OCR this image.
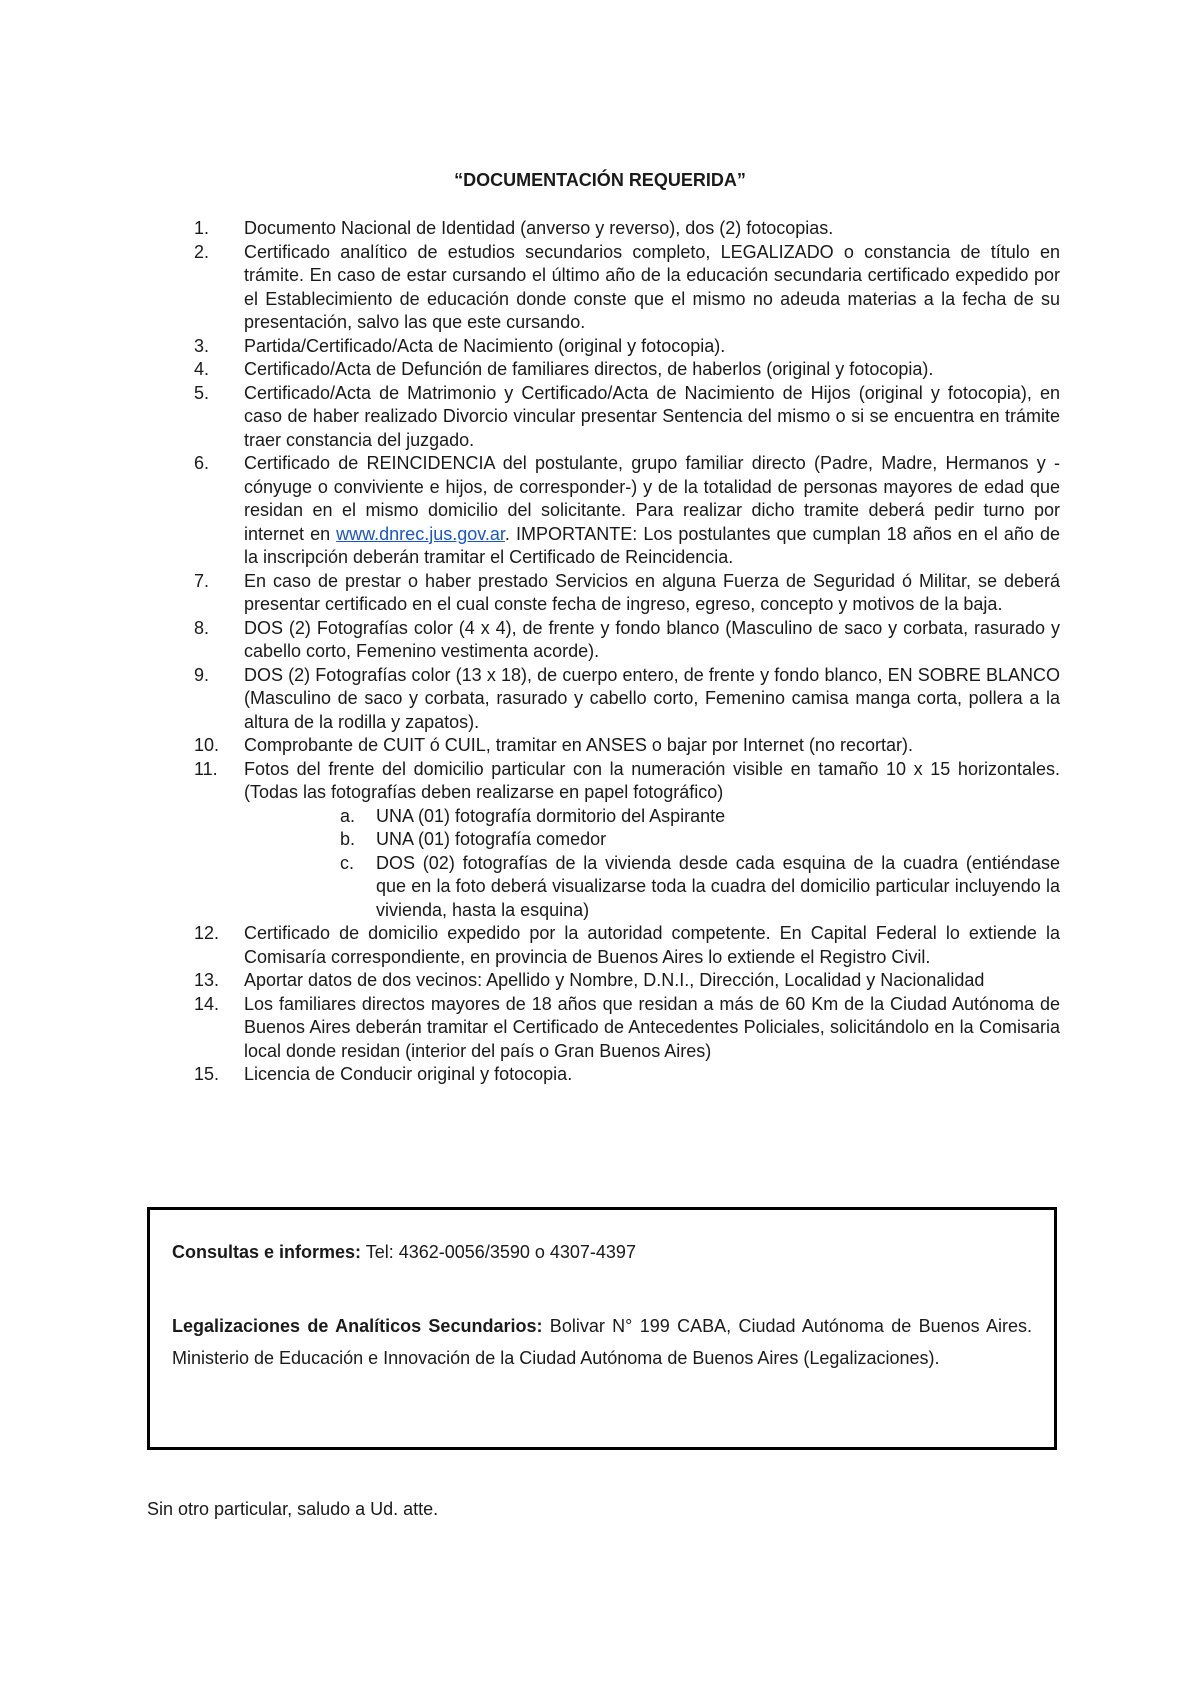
“DOCUMENTACIÓN REQUERIDA”
1.	Documento Nacional de Identidad (anverso y reverso), dos (2) fotocopias.
2.	Certificado analítico de estudios secundarios completo, LEGALIZADO o constancia de título en trámite. En caso de estar cursando el último año de la educación secundaria certificado expedido por el Establecimiento de educación donde conste que el mismo no adeuda materias a la fecha de su presentación, salvo las que este cursando.
3.	Partida/Certificado/Acta de Nacimiento (original y fotocopia).
4.	Certificado/Acta de Defunción de familiares directos, de haberlos (original y fotocopia).
5.	Certificado/Acta de Matrimonio y Certificado/Acta de Nacimiento de Hijos (original y fotocopia), en caso de haber realizado Divorcio vincular presentar Sentencia del mismo o si se encuentra en trámite traer constancia del juzgado.
6.	Certificado de REINCIDENCIA del postulante, grupo familiar directo (Padre, Madre, Hermanos y -cónyuge o conviviente e hijos, de corresponder-) y de la totalidad de personas mayores de edad que residan en el mismo domicilio del solicitante. Para realizar dicho tramite deberá pedir turno por internet en www.dnrec.jus.gov.ar. IMPORTANTE: Los postulantes que cumplan 18 años en el año de la inscripción deberán tramitar el Certificado de Reincidencia.
7.	En caso de prestar o haber prestado Servicios en alguna Fuerza de Seguridad ó Militar, se deberá presentar certificado en el cual conste fecha de ingreso, egreso, concepto y motivos de la baja.
8.	DOS (2) Fotografías color (4 x 4), de frente y fondo blanco (Masculino de saco y corbata, rasurado y cabello corto, Femenino vestimenta acorde).
9.	DOS (2) Fotografías color (13 x 18), de cuerpo entero, de frente y fondo blanco, EN SOBRE BLANCO (Masculino de saco y corbata, rasurado y cabello corto, Femenino camisa manga corta, pollera a la altura de la rodilla y zapatos).
10.	Comprobante de CUIT ó CUIL, tramitar en ANSES o bajar por Internet (no recortar).
11.	Fotos del frente del domicilio particular con la numeración visible en tamaño 10 x 15 horizontales. (Todas las fotografías deben realizarse en papel fotográfico)
a. UNA (01) fotografía dormitorio del Aspirante
b. UNA (01) fotografía comedor
c. DOS (02) fotografías de la vivienda desde cada esquina de la cuadra (entiéndase que en la foto deberá visualizarse toda la cuadra del domicilio particular incluyendo la vivienda, hasta la esquina)
12.	Certificado de domicilio expedido por la autoridad competente. En Capital Federal lo extiende la Comisaría correspondiente, en provincia de Buenos Aires lo extiende el Registro Civil.
13.	Aportar datos de dos vecinos: Apellido y Nombre, D.N.I., Dirección, Localidad y Nacionalidad
14.	Los familiares directos mayores de 18 años que residan a más de 60 Km de la Ciudad Autónoma de Buenos Aires deberán tramitar el Certificado de Antecedentes Policiales, solicitándolo en la Comisaria local donde residan (interior del país o Gran Buenos Aires)
15.	Licencia de Conducir original y fotocopia.
Consultas e informes: Tel: 4362-0056/3590 o 4307-4397
Legalizaciones de Analíticos Secundarios: Bolivar N° 199 CABA, Ciudad Autónoma de Buenos Aires. Ministerio de Educación e Innovación de la Ciudad Autónoma de Buenos Aires (Legalizaciones).
Sin otro particular, saludo a Ud. atte.
